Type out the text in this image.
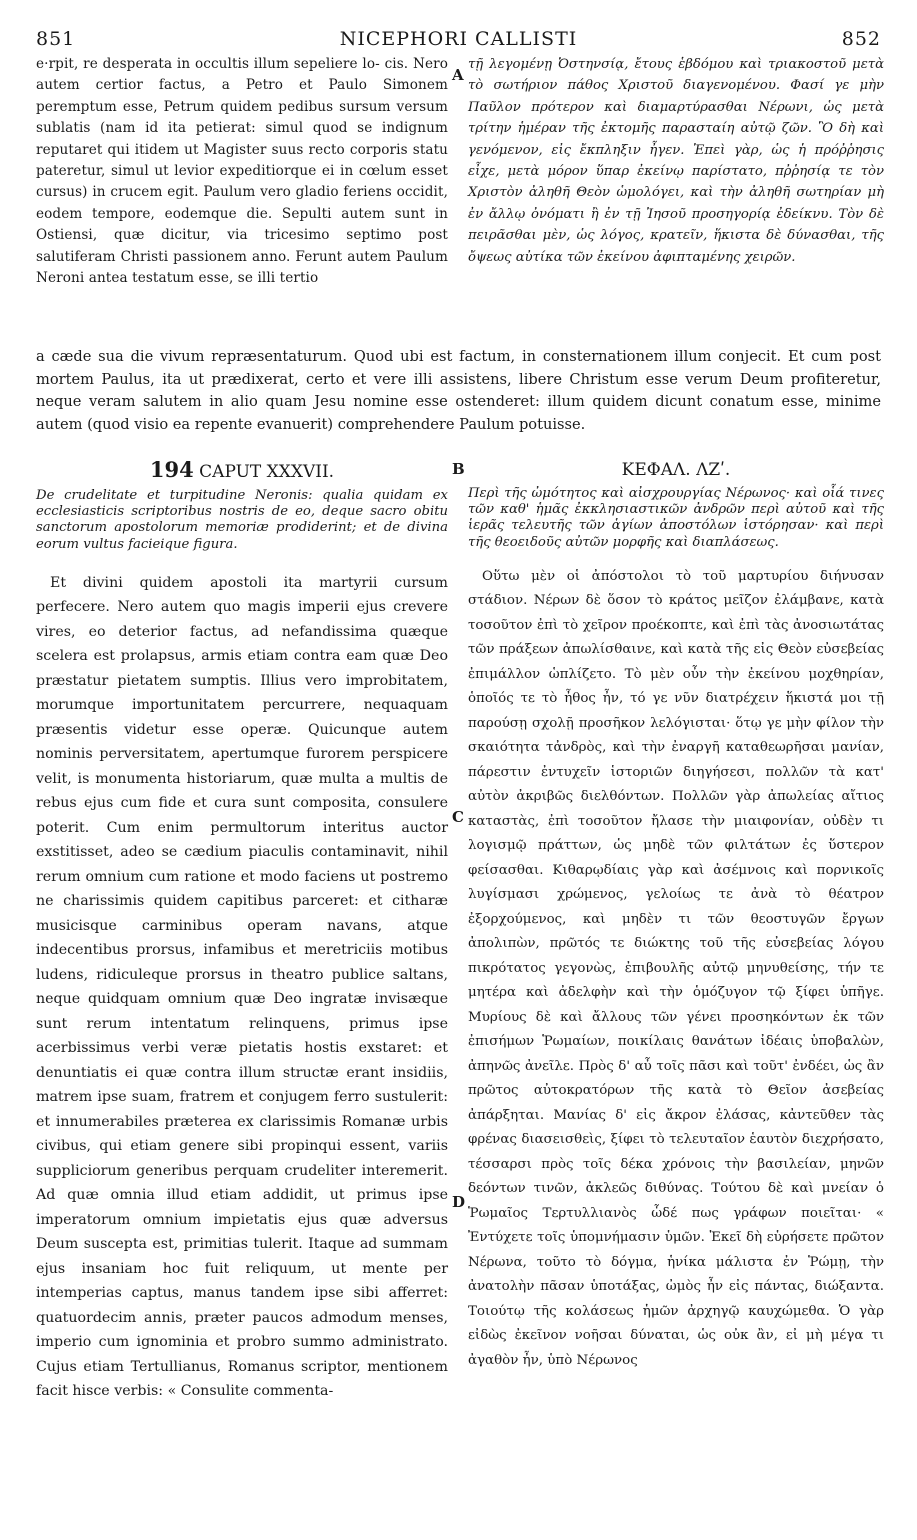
851	NICEPHORI CALLISTI	852

e·rpit, re desperata in occultis illum sepeliere lo- cis. Nero autem certior factus, a Petro et Paulo Simonem peremptum esse, Petrum quidem pedibus sursum versum sublatis (nam id ita petierat: simul quod se indignum reputaret qui itidem ut Magister suus recto corporis statu pateretur, simul ut levior expeditiorque ei in cœlum esset cursus) in crucem egit. Paulum vero gladio feriens occidit, eodem tempore, eodemque die. Sepulti autem sunt in Ostiensi, quæ dicitur, via tricesimo septimo post salutiferam Christi passionem anno. Ferunt autem Paulum Neroni antea testatum esse, se illi tertio

τῇ λεγομένῃ Ὀστηνσίᾳ, ἔτους ἑβδόμου καὶ τριακοστοῦ μετὰ τὸ σωτήριον πάθος Χριστοῦ διαγενομένου. Φασί γε μὴν Παῦλον πρότερον καὶ διαμαρτύρασθαι Νέρωνι, ὡς μετὰ τρίτην ἡμέραν τῆς ἐκτομῆς παρασταίη αὐτῷ ζῶν. Ὃ δὴ καὶ γενόμενον, εἰς ἔκπληξιν ἦγεν. Ἐπεὶ γὰρ, ὡς ἡ πρόῤῥησις εἶχε, μετὰ μόρον ὕπαρ ἐκείνῳ παρίστατο, πῤῥησίᾳ τε τὸν Χριστὸν ἀληθῆ Θεὸν ὡμολόγει, καὶ τὴν ἀληθῆ σωτηρίαν μὴ ἐν ἄλλῳ ὀνόματι ἢ ἐν τῇ Ἰησοῦ προσηγορίᾳ ἐδείκνυ. Τὸν δὲ πειρᾶσθαι μὲν, ὡς λόγος, κρατεῖν, ἥκιστα δὲ δύνασθαι, τῆς ὄψεως αὐτίκα τῶν ἐκείνου ἀφιπταμένης χειρῶν.

A

a cæde sua die vivum repræsentaturum. Quod ubi est factum, in consternationem illum conjecit. Et cum post mortem Paulus, ita ut prædixerat, certo et vere illi assistens, libere Christum esse verum Deum profiteretur, neque veram salutem in alio quam Jesu nomine esse ostenderet: illum quidem dicunt conatum esse, minime autem (quod visio ea repente evanuerit) comprehendere Paulum potuisse.

194 CAPUT XXXVII.

De crudelitate et turpitudine Neronis: qualia quidam ex ecclesiasticis scriptoribus nostris de eo, deque sacro obitu sanctorum apostolorum memoriæ prodiderint; et de divina eorum vultus facieique figura.

Et divini quidem apostoli ita martyrii cursum perfecere. Nero autem quo magis imperii ejus crevere vires, eo deterior factus, ad nefandissima quæque scelera est prolapsus, armis etiam contra eam quæ Deo præstatur pietatem sumptis. Illius vero improbitatem, morumque importunitatem percurrere, nequaquam præsentis videtur esse operæ. Quicunque autem nominis perversitatem, apertumque furorem perspicere velit, is monumenta historiarum, quæ multa a multis de rebus ejus cum fide et cura sunt composita, consulere poterit. Cum enim permultorum interitus auctor exstitisset, adeo se cædium piaculis contaminavit, nihil rerum omnium cum ratione et modo faciens ut postremo ne charissimis quidem capitibus parceret: et citharæ musicisque carminibus operam navans, atque indecentibus prorsus, infamibus et meretriciis motibus ludens, ridiculeque prorsus in theatro publice saltans, neque quidquam omnium quæ Deo ingratæ invisæque sunt rerum intentatum relinquens, primus ipse acerbissimus verbi veræ pietatis hostis exstaret: et denuntiatis ei quæ contra illum structæ erant insidiis, matrem ipse suam, fratrem et conjugem ferro sustulerit: et innumerabiles præterea ex clarissimis Romanæ urbis civibus, qui etiam genere sibi propinqui essent, variis suppliciorum generibus perquam crudeliter interemerit. Ad quæ omnia illud etiam addidit, ut primus ipse imperatorum omnium impietatis ejus quæ adversus Deum suscepta est, primitias tulerit. Itaque ad summam ejus insaniam hoc fuit reliquum, ut mente per intemperias captus, manus tandem ipse sibi afferret: quatuordecim annis, præter paucos admodum menses, imperio cum ignominia et probro summo administrato. Cujus etiam Tertullianus, Romanus scriptor, mentionem facit hisce verbis: « Consulite commenta-

ΚΕΦΑΛ. ΛΖʹ.

Περὶ τῆς ὠμότητος καὶ αἰσχρουργίας Νέρωνος· καὶ οἷά τινες τῶν καθ' ἡμᾶς ἐκκλησιαστικῶν ἀνδρῶν περὶ αὐτοῦ καὶ τῆς ἱερᾶς τελευτῆς τῶν ἁγίων ἀποστόλων ἱστόρησαν· καὶ περὶ τῆς θεοειδοῦς αὐτῶν μορφῆς καὶ διαπλάσεως.

Οὕτω μὲν οἱ ἀπόστολοι τὸ τοῦ μαρτυρίου διήνυσαν στάδιον. Νέρων δὲ ὅσον τὸ κράτος μεῖζον ἐλάμβανε, κατὰ τοσοῦτον ἐπὶ τὸ χεῖρον προέκοπτε, καὶ ἐπὶ τὰς ἀνοσιωτάτας τῶν πράξεων ἀπωλίσθαινε, καὶ κατὰ τῆς εἰς Θεὸν εὐσεβείας ἐπιμάλλον ὡπλίζετο. Τὸ μὲν οὖν τὴν ἐκείνου μοχθηρίαν, ὁποῖός τε τὸ ἦθος ἦν, τό γε νῦν διατρέχειν ἥκιστά μοι τῇ παρούσῃ σχολῇ προσῆκον λελόγισται· ὅτῳ γε μὴν φίλον τὴν σκαιότητα τἀνδρὸς, καὶ τὴν ἐναργῆ καταθεωρῆσαι μανίαν, πάρεστιν ἐντυχεῖν ἱστοριῶν διηγήσεσι, πολλῶν τὰ κατ' αὐτὸν ἀκριβῶς διελθόντων. Πολλῶν γὰρ ἀπωλείας αἴτιος καταστὰς, ἐπὶ τοσοῦτον ἤλασε τὴν μιαιφονίαν, οὐδὲν τι λογισμῷ πράττων, ὡς μηδὲ τῶν φιλτάτων ἐς ὕστερον φείσασθαι. Κιθαρῳδίαις γὰρ καὶ ἀσέμνοις καὶ πορνικοῖς λυγίσμασι χρώμενος, γελοίως τε ἀνὰ τὸ θέατρον ἐξορχούμενος, καὶ μηδὲν τι τῶν θεοστυγῶν ἔργων ἀπολιπὼν, πρῶτός τε διώκτης τοῦ τῆς εὐσεβείας λόγου πικρότατος γεγονὼς, ἐπιβουλῆς αὐτῷ μηνυθείσης, τήν τε μητέρα καὶ ἀδελφὴν καὶ τὴν ὁμόζυγον τῷ ξίφει ὑπῆγε. Μυρίους δὲ καὶ ἄλλους τῶν γένει προσηκόντων ἐκ τῶν ἐπισήμων Ῥωμαίων, ποικίλαις θανάτων ἰδέαις ὑποβαλὼν, ἀπηνῶς ἀνεῖλε. Πρὸς δ' αὖ τοῖς πᾶσι καὶ τοῦτ' ἐνδέει, ὡς ἂν πρῶτος αὐτοκρατόρων τῆς κατὰ τὸ Θεῖον ἀσεβείας ἀπάρξηται. Μανίας δ' εἰς ἄκρον ἐλάσας, κἀντεῦθεν τὰς φρένας διασεισθεὶς, ξίφει τὸ τελευταῖον ἑαυτὸν διεχρήσατο, τέσσαρσι πρὸς τοῖς δέκα χρόνοις τὴν βασιλείαν, μηνῶν δεόντων τινῶν, ἀκλεῶς διθύνας. Τούτου δὲ καὶ μνείαν ὁ Ῥωμαῖος Τερτυλλιανὸς ὧδέ πως γράφων ποιεῖται· « Ἐντύχετε τοῖς ὑπομνήμασιν ὑμῶν. Ἐκεῖ δὴ εὑρήσετε πρῶτον Νέρωνα, τοῦτο τὸ δόγμα, ἡνίκα μάλιστα ἐν Ῥώμῃ, τὴν ἀνατολὴν πᾶσαν ὑποτάξας, ὠμὸς ἦν εἰς πάντας, διώξαντα. Τοιούτῳ τῆς κολάσεως ἡμῶν ἀρχηγῷ καυχώμεθα. Ὁ γὰρ εἰδὼς ἐκεῖνον νοῆσαι δύναται, ὡς οὐκ ἂν, εἰ μὴ μέγα τι ἀγαθὸν ἦν, ὑπὸ Νέρωνος

B
C
D
